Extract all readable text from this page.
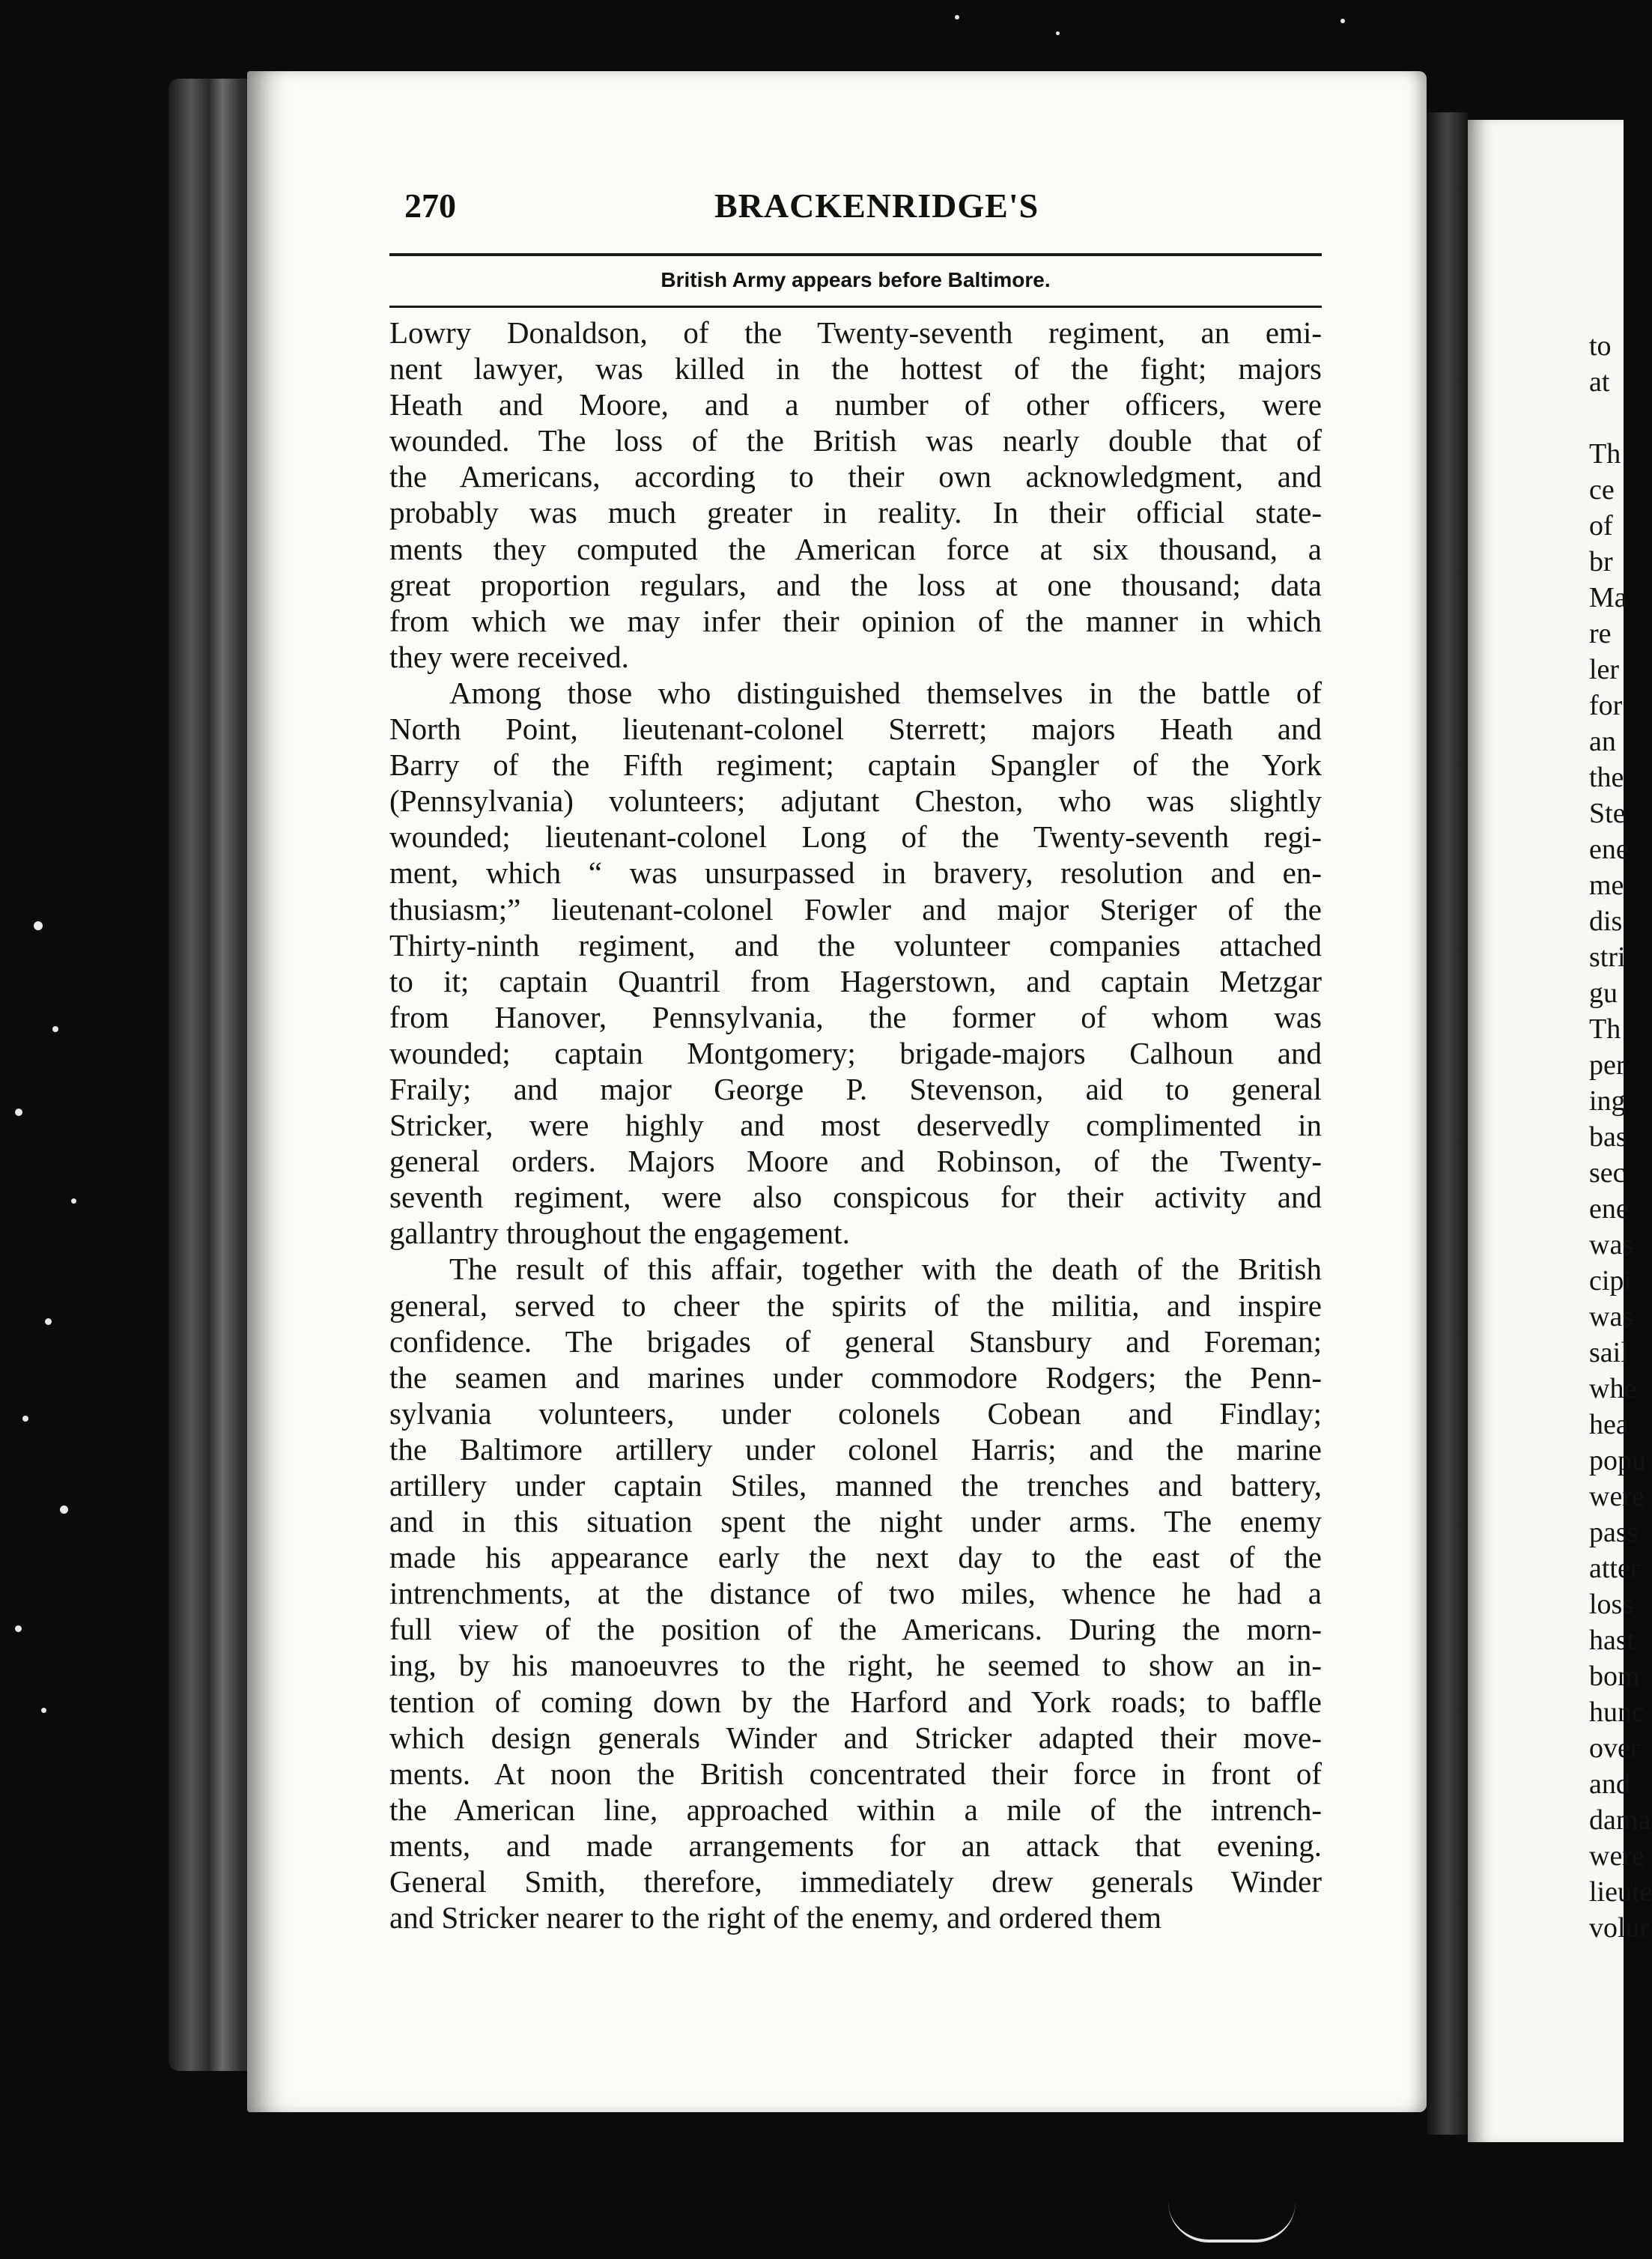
to
at
Th
ce
of
br
Ma
re
ler
for
an
the
Ste
ene
me
dis
stri
gu
Th
per
ing
bas
sec
ene
was
cipi
was
sail
whe
hea
popu
were
pass
atter
loss
hast
bom
hunc
over
and
dama
were
lieute
volur
270	BRACKENRIDGE'S
British Army appears before Baltimore.
Lowry Donaldson, of the Twenty-seventh regiment, an emi-
nent lawyer, was killed in the hottest of the fight; majors
Heath and Moore, and a number of other officers, were
wounded. The loss of the British was nearly double that of
the Americans, according to their own acknowledgment, and
probably was much greater in reality. In their official state-
ments they computed the American force at six thousand, a
great proportion regulars, and the loss at one thousand; data
from which we may infer their opinion of the manner in which
they were received.
Among those who distinguished themselves in the battle of
North Point, lieutenant-colonel Sterrett; majors Heath and
Barry of the Fifth regiment; captain Spangler of the York
(Pennsylvania) volunteers; adjutant Cheston, who was slightly
wounded; lieutenant-colonel Long of the Twenty-seventh regi-
ment, which “ was unsurpassed in bravery, resolution and en-
thusiasm;” lieutenant-colonel Fowler and major Steriger of the
Thirty-ninth regiment, and the volunteer companies attached
to it; captain Quantril from Hagerstown, and captain Metzgar
from Hanover, Pennsylvania, the former of whom was
wounded; captain Montgomery; brigade-majors Calhoun and
Fraily; and major George P. Stevenson, aid to general
Stricker, were highly and most deservedly complimented in
general orders. Majors Moore and Robinson, of the Twenty-
seventh regiment, were also conspicous for their activity and
gallantry throughout the engagement.
The result of this affair, together with the death of the British
general, served to cheer the spirits of the militia, and inspire
confidence. The brigades of general Stansbury and Foreman;
the seamen and marines under commodore Rodgers; the Penn-
sylvania volunteers, under colonels Cobean and Findlay;
the Baltimore artillery under colonel Harris; and the marine
artillery under captain Stiles, manned the trenches and battery,
and in this situation spent the night under arms. The enemy
made his appearance early the next day to the east of the
intrenchments, at the distance of two miles, whence he had a
full view of the position of the Americans. During the morn-
ing, by his manoeuvres to the right, he seemed to show an in-
tention of coming down by the Harford and York roads; to baffle
which design generals Winder and Stricker adapted their move-
ments. At noon the British concentrated their force in front of
the American line, approached within a mile of the intrench-
ments, and made arrangements for an attack that evening.
General Smith, therefore, immediately drew generals Winder
and Stricker nearer to the right of the enemy, and ordered them
